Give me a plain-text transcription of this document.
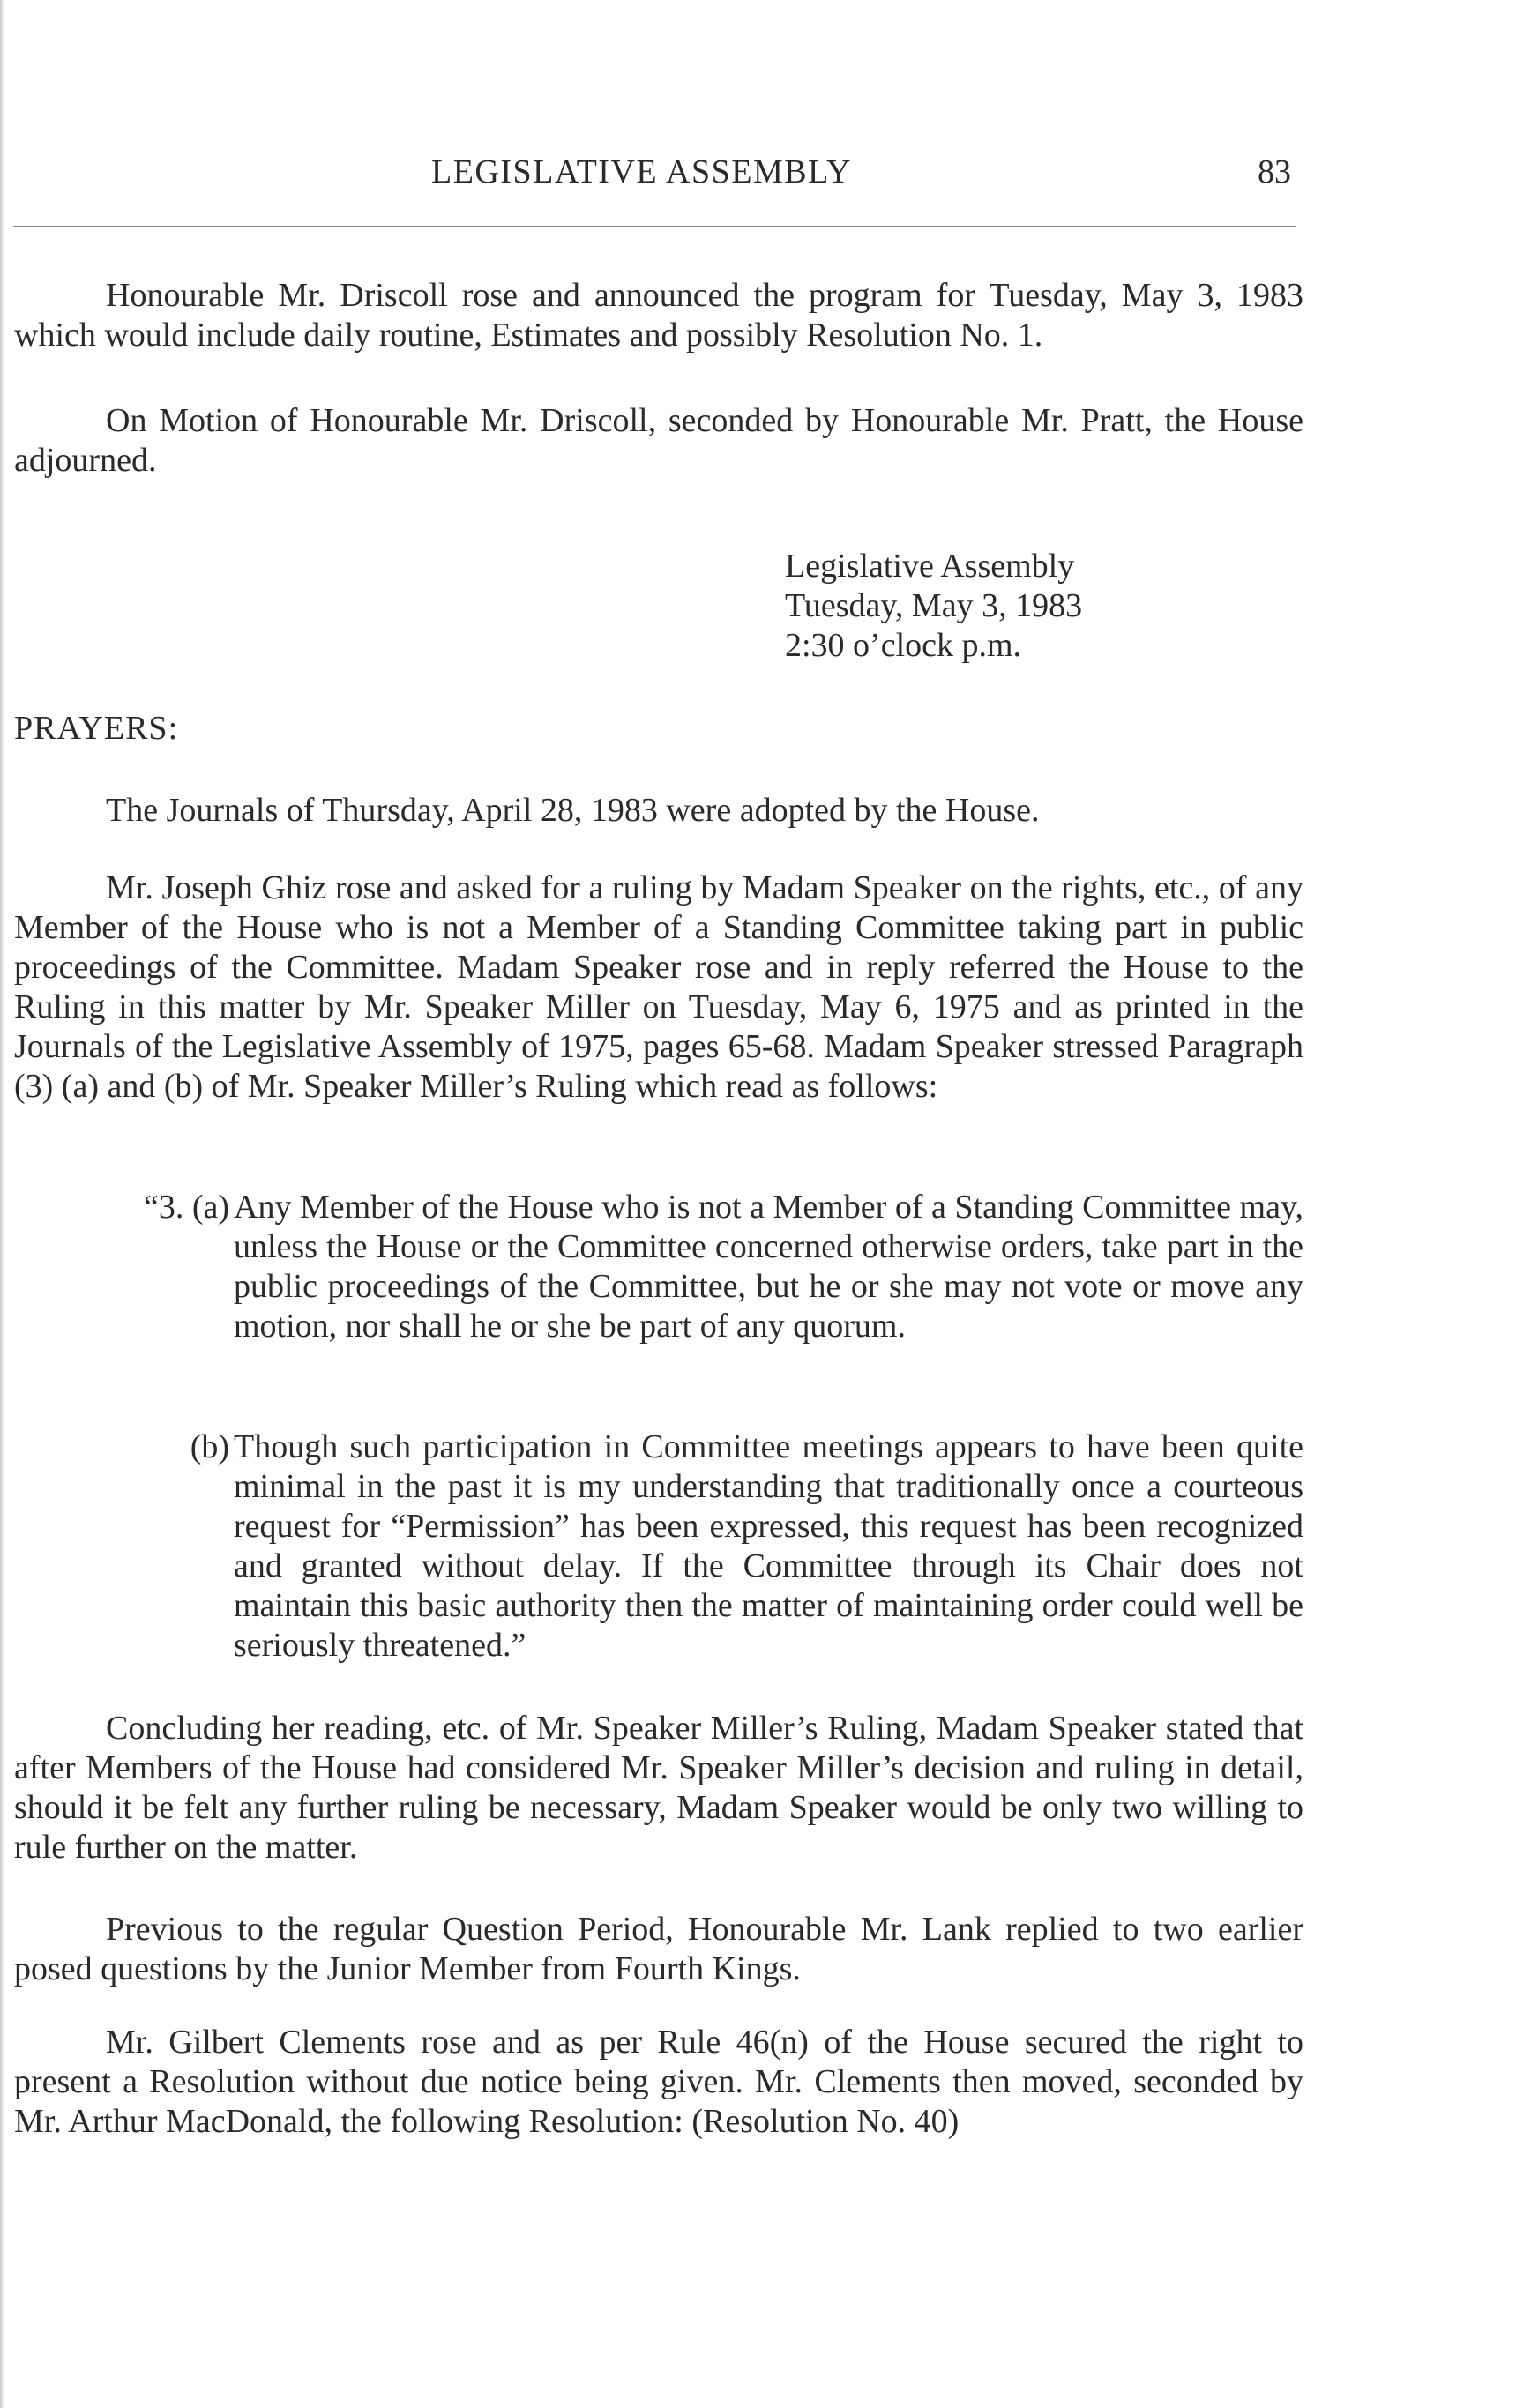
LEGISLATIVE ASSEMBLY	83

Honourable Mr. Driscoll rose and announced the program for Tuesday, May 3, 1983 which would include daily routine, Estimates and possibly Resolution No. 1.

On Motion of Honourable Mr. Driscoll, seconded by Honourable Mr. Pratt, the House adjourned.

Legislative Assembly
Tuesday, May 3, 1983
2:30 o’clock p.m.
PRAYERS:

The Journals of Thursday, April 28, 1983 were adopted by the House.

Mr. Joseph Ghiz rose and asked for a ruling by Madam Speaker on the rights, etc., of any Member of the House who is not a Member of a Standing Committee taking part in public proceedings of the Committee. Madam Speaker rose and in reply referred the House to the Ruling in this matter by Mr. Speaker Miller on Tuesday, May 6, 1975 and as printed in the Journals of the Legislative Assembly of 1975, pages 65-68. Madam Speaker stressed Paragraph (3) (a) and (b) of Mr. Speaker Miller’s Ruling which read as follows:

“3. (a) Any Member of the House who is not a Member of a Standing Committee may, unless the House or the Committee concerned otherwise orders, take part in the public proceedings of the Committee, but he or she may not vote or move any motion, nor shall he or she be part of any quorum.
(b) Though such participation in Committee meetings appears to have been quite minimal in the past it is my understanding that traditionally once a courteous request for “Permission” has been expressed, this request has been recognized and granted without delay. If the Committee through its Chair does not maintain this basic authority then the matter of maintaining order could well be seriously threatened.”

Concluding her reading, etc. of Mr. Speaker Miller’s Ruling, Madam Speaker stated that after Members of the House had considered Mr. Speaker Miller’s decision and ruling in detail, should it be felt any further ruling be necessary, Madam Speaker would be only two willing to rule further on the matter.

Previous to the regular Question Period, Honourable Mr. Lank replied to two earlier posed questions by the Junior Member from Fourth Kings.

Mr. Gilbert Clements rose and as per Rule 46(n) of the House secured the right to present a Resolution without due notice being given. Mr. Clements then moved, seconded by Mr. Arthur MacDonald, the following Resolution: (Resolution No. 40)
